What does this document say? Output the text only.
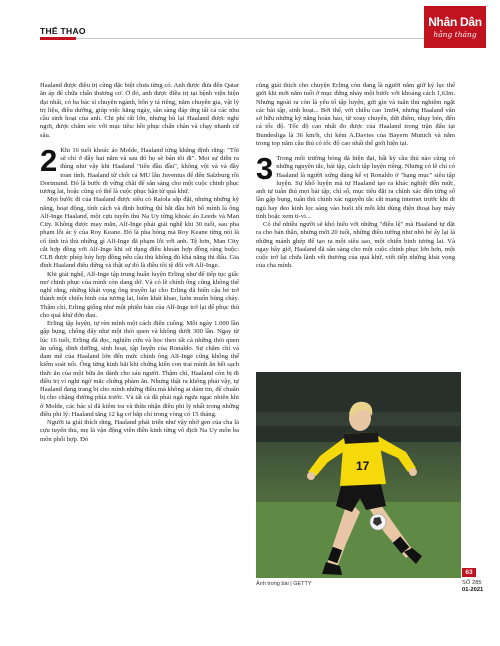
THỂ THAO
Nhân Dân
hằng tháng

Haaland được điều trị cũng đặc biệt chưa từng có. Anh được đưa đến Qatar ăn áp để chữa chấn thương cơ. Ở đó, anh được điều trị tại bệnh viện hiện đại nhất, có ba bác sĩ chuyên ngành, bốn y tá riêng, năm chuyên gia, vật lý trị liệu, điều dưỡng, giúp việc hằng ngày, sẵn sàng đáp ứng tất cả các nhu cầu sinh hoạt của anh. Chi phí rất lớn, nhưng bù lại Haaland được nghỉ ngơi, được chăm sóc với mục tiêu: hồi phục chấn chân và chạy nhanh cừ sâu.

2 Khi 16 tuổi khoác áo Molde, Haaland từng khẳng định rằng: "Tôi sẽ chỉ ở đây hai năm và sau đó họ sẽ bán tôi đi". Mọi sự diễn ra đúng như vậy khi Haaland "tiến đầu đầu", không vội và và đầy toan tính. Haaland từ chối cả MU lẫn Juventus để đến Salzburg rồi Dortmund. Đó là bước đi vững chãi để sẵn sàng cho một cuộc chinh phục tương lai, hoặc cũng có thể là cuộc phục hận từ quá khứ.

Mọi bước đi của Haaland được siêu cò Raiola sắp đặt, nhưng những kỹ năng, hoạt động, tính cách và định hướng thì bắt đầu bởi bố mình là ông Alf-Inge Haaland, một cựu tuyển thủ Na Uy từng khoác áo Leeds và Man City. Không được may mắn, Alf-Inge phải giải nghệ khi 30 tuổi, sau pha phạm lỗi ác ý của Roy Keane. Đó là pha bóng mà Roy Keane từng nói là cố tình trả thù những gì Alf-Inge đã phạm lỗi với anh. Tệ hơn, Man City cắt hợp đồng với Alf-Inge khi sử dụng điều khoản hợp đồng ràng buộc: CLB được phép hủy hợp đồng nếu cầu thủ không đủ khả năng thi đấu. Gia đình Haaland điêu đứng và thật sự đó là điều tồi tệ đối với Alf-Inge.

Khi giải nghệ, Alf-Inge tập trung huấn luyện Erling như để tiếp tục giấc mơ chinh phục của mình còn dang dở. Và có lẽ chính ông cũng không thể nghĩ rằng, những khát vọng ông truyền lại cho Erling đã biến cậu bé trở thành một chiến binh của tương lai, luôn khát khao, luôn muốn bùng cháy. Thậm chí, Erling giống như một phiên bản của Alf-Inge trở lại để phục thù cho quá khứ đớn đau.

Erling tập luyện, tự rèn mình một cách điên cuồng. Mỗi ngày 1.000 lần gập bụng, chống đẩy như một thói quen và không dưới 300 lần. Ngay từ lúc 16 tuổi, Erling đã đọc, nghiên cứu và học theo tất cả những thói quen ăn uống, dinh dưỡng, sinh hoạt, tập luyện của Ronaldo. Sự chăm chỉ và đam mê của Haaland lớn đến mức chính ông Alf-Inge cũng không thể kiểm soát nổi. Ông từng kinh hãi khi chứng kiến con trai mình ăn hết sạch thức ăn của một bữa ăn dành cho sáu người. Thậm chí, Haaland còn bị đi điều trị vì nghi ngờ mắc chứng phàm ăn. Nhưng thật ra không phải vậy, tự Haaland đang trang bị cho mình những điều mà không ai dám tin, để chuẩn bị cho chặng đường phía trước. Và tất cả đã phải ngã ngửa ngạc nhiên khi ở Molde, các bác sĩ đã kiểm tra và thừa nhận điều phi lý nhất trong những điều phi lý: Haaland tăng 12 kg cơ bắp chỉ trong vòng có 15 tháng.

Người ta giải thích rằng, Haaland phát triển như vậy nhờ gen của cha là cựu tuyển thủ, mẹ là vận động viên điền kinh từng vô địch Na Uy môn ba môn phối hợp. Đó

cũng giải thích cho chuyện Erling còn đang là người nắm giữ kỷ lục thế giới khi mới năm tuổi ở mục đứng nhảy một bước với khoảng cách 1,63m. Nhưng ngoài ra còn là yếu tố tập luyện, gửi gìn và tuân thủ nghiêm ngặt các bài tập, sinh hoạt... Bởi thế, với chiều cao 1m94, nhưng Haaland vẫn sở hữu những kỹ năng hoàn hảo, từ xoay chuyển, dứt điểm, nhạy bén, đến cả tốc độ. Tốc độ cao nhất đo được của Haaland trong trận đấu tại Bundesliga là 36 km/h, chỉ kém A.Davies của Bayern Munich và nắm trong top năm cầu thủ có tốc độ cao nhất thế giới hiện tại.

3 Trong môi trường bóng đá hiện đại, bất kỳ cầu thủ nào cũng có những nguyên tắc, bài tập, cách tập luyện riêng. Nhưng có lẽ chỉ có Haaland là người xứng đáng kế vị Ronaldo ở "hạng mục" siêu tập luyện. Sự khổ luyện mà tự Haaland tạo ra khác nghiệt đến mức, anh tự tuân thủ mọi bài tập, chỉ số, mục tiêu đặt ra chính xác đến từng số lần gập bụng, tuân thủ chính xác nguyên tắc cắt mạng internet trước khi đi ngủ hay đeo kính lọc sáng vào buổi tối mỗi khi dùng điện thoại hay máy tính hoặc xem ti-vi...

Có thể nhiều người sẽ khó hiểu với những "điều lệ" mà Haaland tự đặt ra cho bản thân, nhưng mới 20 tuổi, những điều tưởng như nhỏ bé ấy lại là những mảnh ghép để tạo ra một siêu sao, một chiến binh tương lai. Và ngay bây giờ, Haaland đã sẵn sàng cho một cuộc chinh phục lớn hơn, một cuộc trở lại chứa lành vết thương của quá khứ, viết tiếp những khát vọng của cha mình.

17
Ảnh trong bài | GETTY
63
SỐ 285
01-2021
